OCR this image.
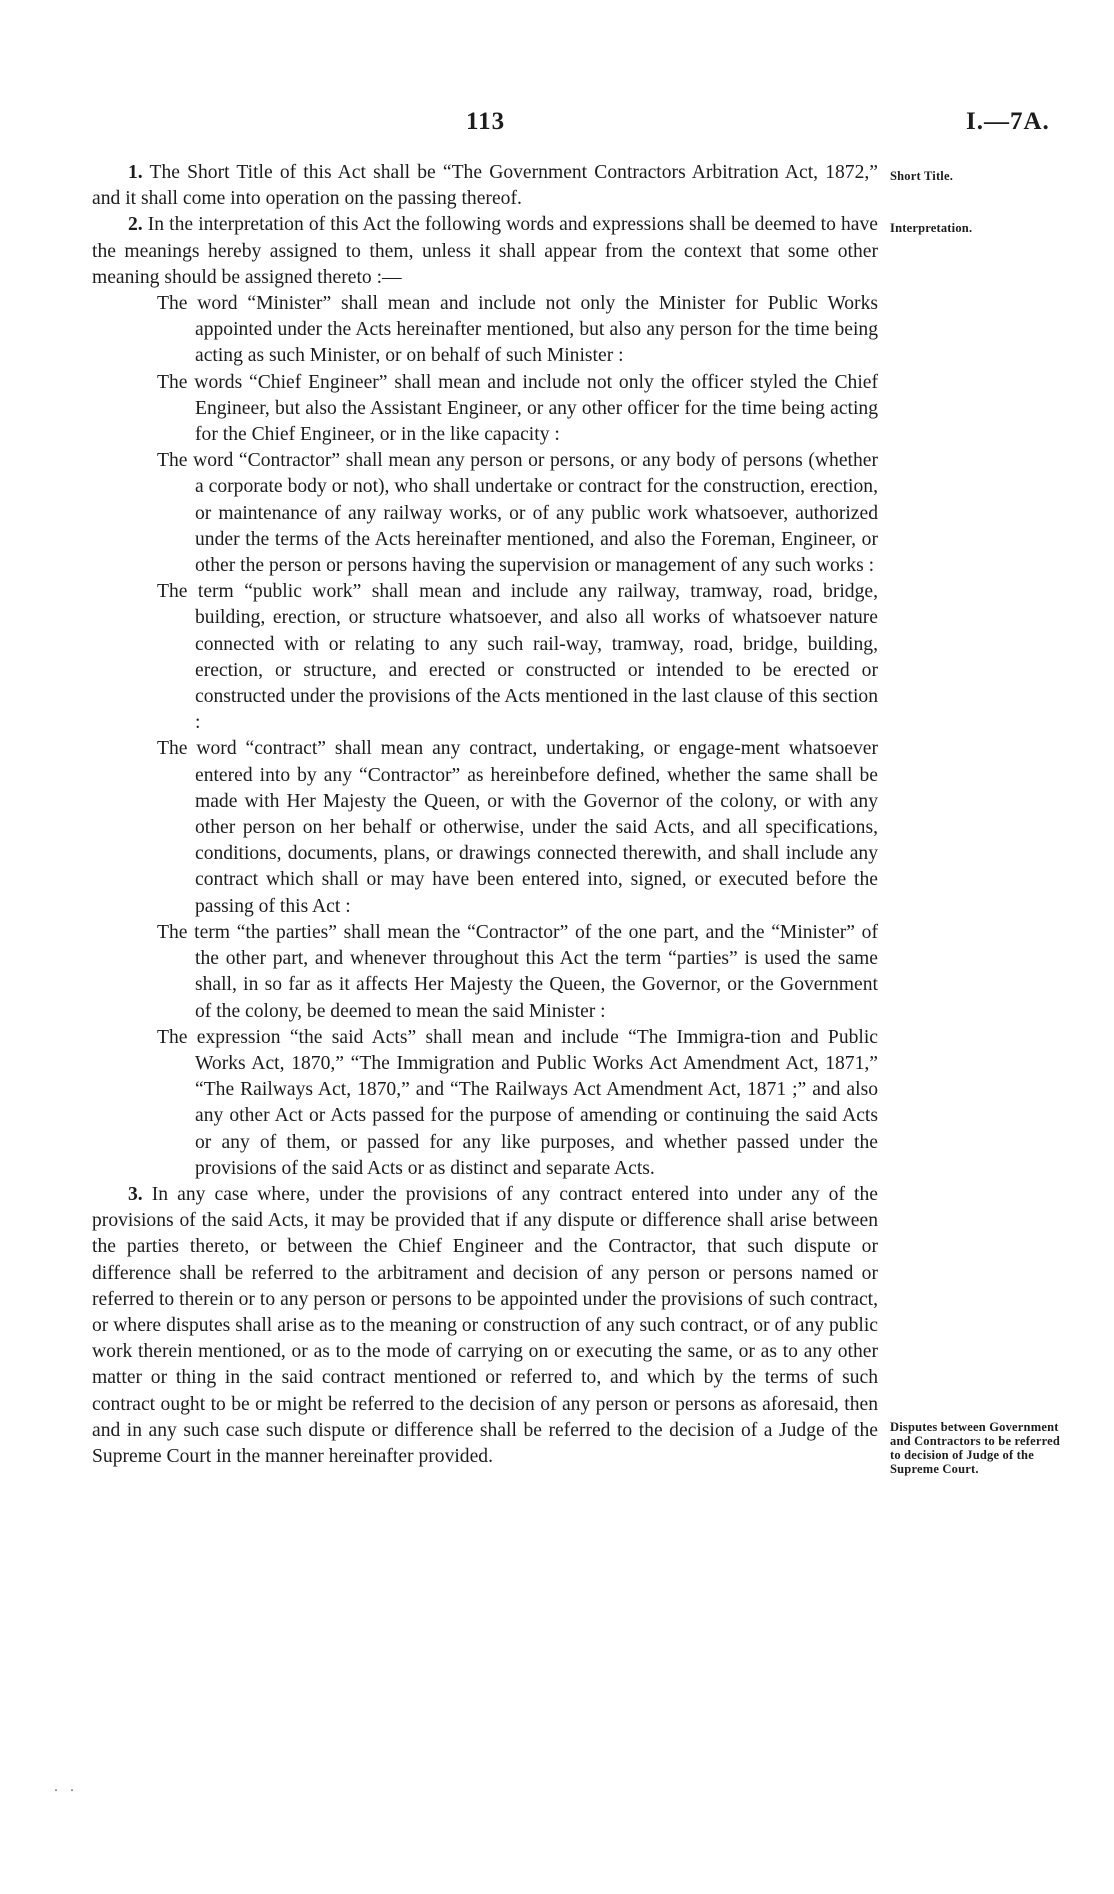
113	I.—7A.

1. The Short Title of this Act shall be “The Government Contractors Arbitration Act, 1872,” and it shall come into operation on the passing thereof.

2. In the interpretation of this Act the following words and expressions shall be deemed to have the meanings hereby assigned to them, unless it shall appear from the context that some other meaning should be assigned thereto :—

The word “Minister” shall mean and include not only the Minister for Public Works appointed under the Acts hereinafter mentioned, but also any person for the time being acting as such Minister, or on behalf of such Minister :

The words “Chief Engineer” shall mean and include not only the officer styled the Chief Engineer, but also the Assistant Engineer, or any other officer for the time being acting for the Chief Engineer, or in the like capacity :

The word “Contractor” shall mean any person or persons, or any body of persons (whether a corporate body or not), who shall undertake or contract for the construction, erection, or maintenance of any railway works, or of any public work whatsoever, authorized under the terms of the Acts hereinafter mentioned, and also the Foreman, Engineer, or other the person or persons having the supervision or management of any such works :

The term “public work” shall mean and include any railway, tramway, road, bridge, building, erection, or structure whatsoever, and also all works of whatsoever nature connected with or relating to any such rail-way, tramway, road, bridge, building, erection, or structure, and erected or constructed or intended to be erected or constructed under the provisions of the Acts mentioned in the last clause of this section :

The word “contract” shall mean any contract, undertaking, or engage-ment whatsoever entered into by any “Contractor” as hereinbefore defined, whether the same shall be made with Her Majesty the Queen, or with the Governor of the colony, or with any other person on her behalf or otherwise, under the said Acts, and all specifications, conditions, documents, plans, or drawings connected therewith, and shall include any contract which shall or may have been entered into, signed, or executed before the passing of this Act :

The term “the parties” shall mean the “Contractor” of the one part, and the “Minister” of the other part, and whenever throughout this Act the term “parties” is used the same shall, in so far as it affects Her Majesty the Queen, the Governor, or the Government of the colony, be deemed to mean the said Minister :

The expression “the said Acts” shall mean and include “The Immigra-tion and Public Works Act, 1870,” “The Immigration and Public Works Act Amendment Act, 1871,” “The Railways Act, 1870,” and “The Railways Act Amendment Act, 1871 ;” and also any other Act or Acts passed for the purpose of amending or continuing the said Acts or any of them, or passed for any like purposes, and whether passed under the provisions of the said Acts or as distinct and separate Acts.

3. In any case where, under the provisions of any contract entered into under any of the provisions of the said Acts, it may be provided that if any dispute or difference shall arise between the parties thereto, or between the Chief Engineer and the Contractor, that such dispute or difference shall be referred to the arbitrament and decision of any person or persons named or referred to therein or to any person or persons to be appointed under the provisions of such contract, or where disputes shall arise as to the meaning or construction of any such contract, or of any public work therein mentioned, or as to the mode of carrying on or executing the same, or as to any other matter or thing in the said contract mentioned or referred to, and which by the terms of such contract ought to be or might be referred to the decision of any person or persons as aforesaid, then and in any such case such dispute or difference shall be referred to the decision of a Judge of the Supreme Court in the manner hereinafter provided.

Short Title.
Interpretation.
Disputes between Government and Contractors to be referred to decision of Judge of the Supreme Court.
. .
